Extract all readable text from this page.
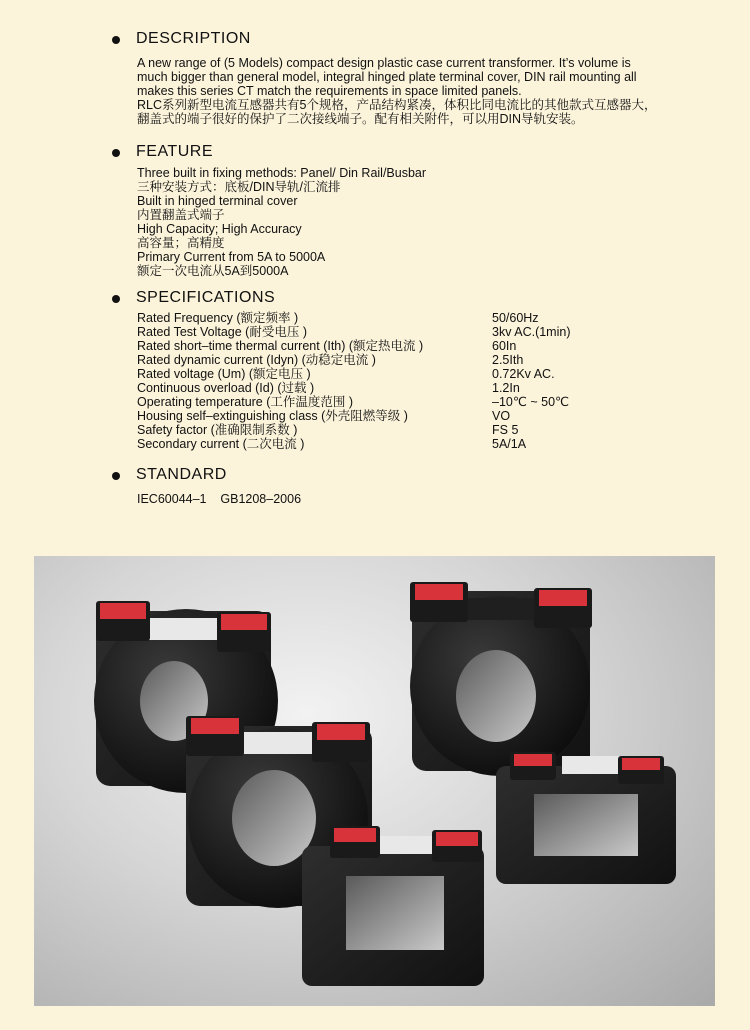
DESCRIPTION
A new range of (5 Models) compact design plastic case current transformer. It’s volume is
much bigger than general model, integral hinged plate terminal cover, DIN rail mounting all
makes this series CT match the requirements in space limited panels.
RLC系列新型电流互感器共有5个规格，产品结构紧凑，体积比同电流比的其他款式互感器大，
翻盖式的端子很好的保护了二次接线端子。配有相关附件，可以用DIN导轨安装。
FEATURE
Three built in fixing methods: Panel/ Din Rail/Busbar
三种安装方式：底板/DIN导轨/汇流排
Built in hinged terminal cover
内置翻盖式端子
High Capacity; High Accuracy
高容量；高精度
Primary Current from 5A to 5000A
额定一次电流从5A到5000A
SPECIFICATIONS
Rated Frequency (额定频率 )	50/60Hz
Rated Test Voltage (耐受电压 )	3kv AC.(1min)
Rated short–time thermal current (Ith) (额定热电流 )	60In
Rated dynamic current (Idyn) (动稳定电流 )	2.5Ith
Rated voltage (Um) (额定电压 )	0.72Kv AC.
Continuous overload (Id) (过载 )	1.2In
Operating temperature (工作温度范围 )	–10℃ ~ 50℃
Housing self–extinguishing class (外壳阻燃等级 )	VO
Safety factor (准确限制系数 )	FS 5
Secondary current (二次电流 )	5A/1A
STANDARD
IEC60044–1    GB1208–2006
